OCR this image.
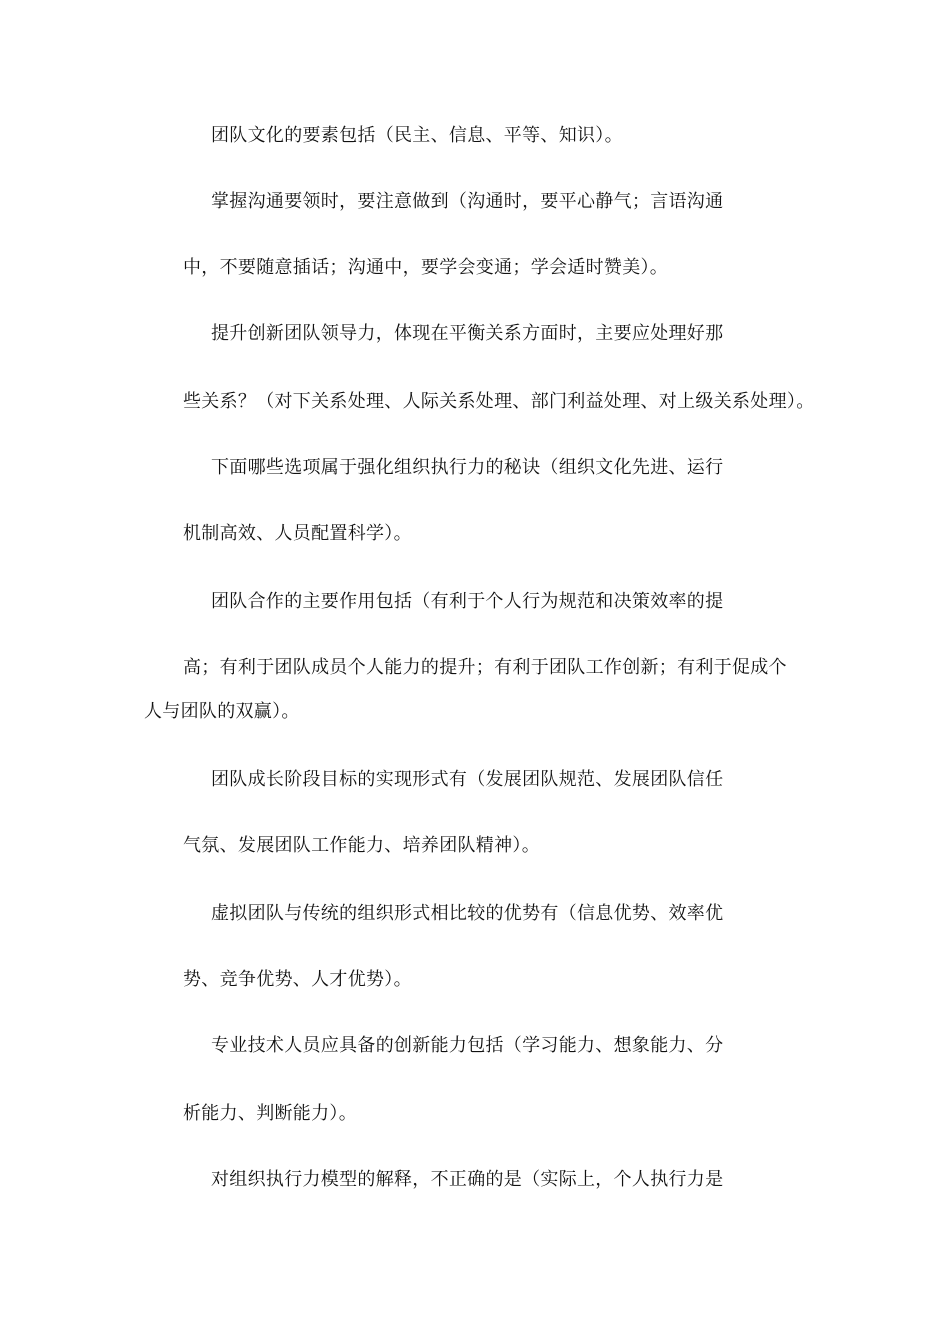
团队文化的要素包括（民主、信息、平等、知识）。
掌握沟通要领时，要注意做到（沟通时，要平心静气；言语沟通
中，不要随意插话；沟通中，要学会变通；学会适时赞美）。
提升创新团队领导力，体现在平衡关系方面时，主要应处理好那
些关系？（对下关系处理、人际关系处理、部门利益处理、对上级关系处理）。
下面哪些选项属于强化组织执行力的秘诀（组织文化先进、运行
机制高效、人员配置科学）。
团队合作的主要作用包括（有利于个人行为规范和决策效率的提
高；有利于团队成员个人能力的提升；有利于团队工作创新；有利于促成个
人与团队的双赢）。
团队成长阶段目标的实现形式有（发展团队规范、发展团队信任
气氛、发展团队工作能力、培养团队精神）。
虚拟团队与传统的组织形式相比较的优势有（信息优势、效率优
势、竞争优势、人才优势）。
专业技术人员应具备的创新能力包括（学习能力、想象能力、分
析能力、判断能力）。
对组织执行力模型的解释，不正确的是（实际上，个人执行力是
